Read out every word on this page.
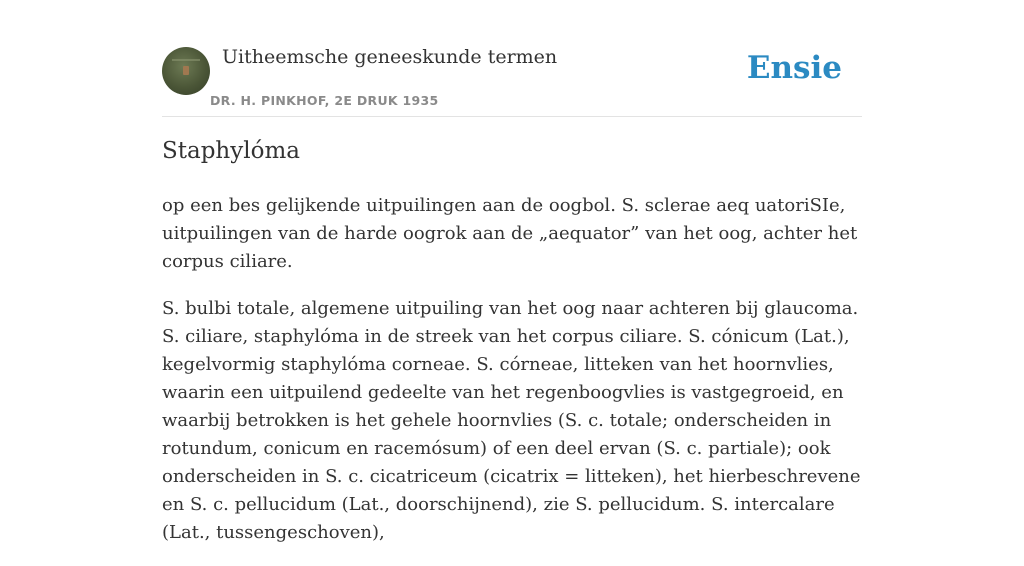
Uitheemsche geneeskunde termen
DR. H. PINKHOF, 2E DRUK 1935
Ensie
Staphylóma

op een bes gelijkende uitpuilingen aan de oogbol. S. sclerae aeq uatoriSIe, uitpuilingen van de harde oogrok aan de „aequator” van het oog, achter het corpus ciliare.

S. bulbi totale, algemene uitpuiling van het oog naar achteren bij glaucoma. S. ciliare, staphylóma in de streek van het corpus ciliare. S. cónicum (Lat.), kegelvormig staphylóma corneae. S. córneae, litteken van het hoornvlies, waarin een uitpuilend gedeelte van het regenboogvlies is vastgegroeid, en waarbij betrokken is het gehele hoornvlies (S. c. totale; onderscheiden in rotundum, conicum en racemósum) of een deel ervan (S. c. partiale); ook onderscheiden in S. c. cicatriceum (cicatrix = litteken), het hierbeschrevene en S. c. pellucidum (Lat., doorschijnend), zie S. pellucidum. S. intercalare (Lat., tussengeschoven),
